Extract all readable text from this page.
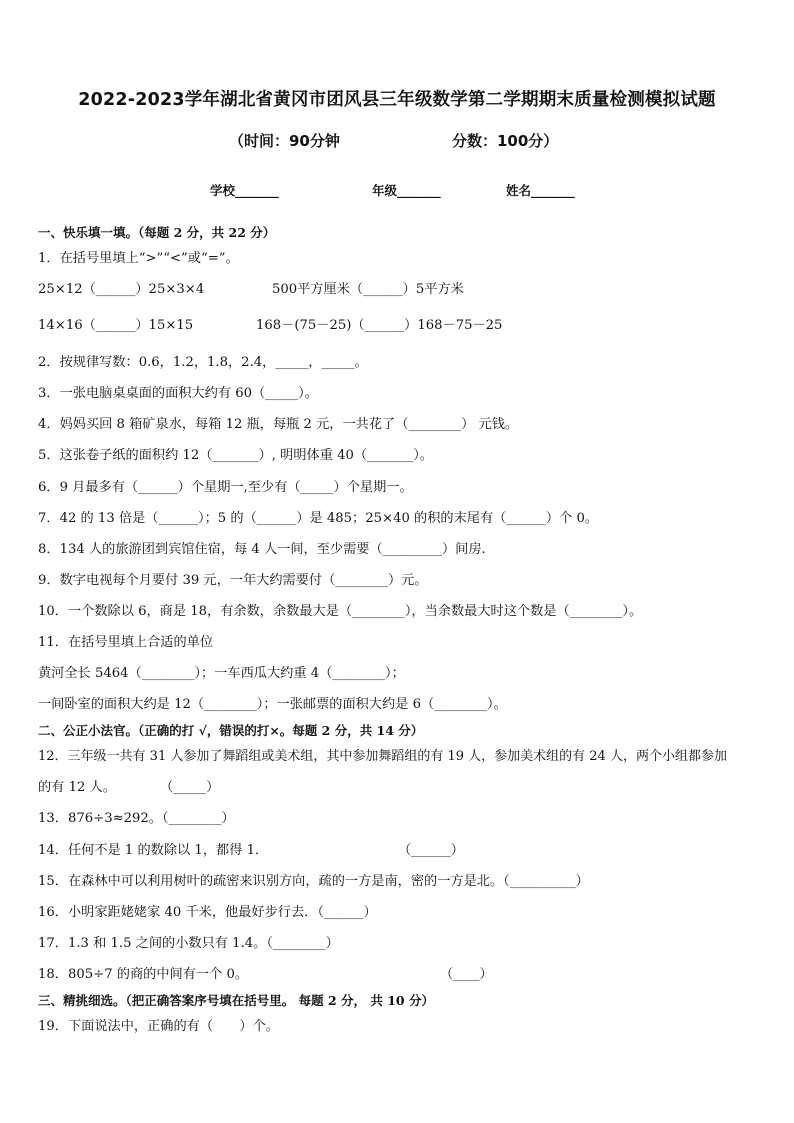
2022-2023学年湖北省黄冈市团风县三年级数学第二学期期末质量检测模拟试题
（时间：90分钟	分数：100分）
学校_______	年级_______	姓名_______
一、快乐填一填。（每题 2 分，共 22 分）
1．在括号里填上“>”“<”或“=”。
25×12（______）25×3×4	500平方厘米（______）5平方米
14×16（______）15×15	168－(75－25)（______）168－75－25
2．按规律写数：0.6，1.2，1.8，2.4，_____，_____。
3．一张电脑桌桌面的面积大约有 60（_____）。
4．妈妈买回 8 箱矿泉水，每箱 12 瓶，每瓶 2 元，一共花了（________） 元钱。
5．这张卷子纸的面积约 12（_______）, 明明体重 40（_______）。
6．9 月最多有（______）个星期一,至少有（_____）个星期一。
7．42 的 13 倍是（______）；5 的（______）是 485；25×40 的积的末尾有（______）个 0。
8．134 人的旅游团到宾馆住宿，每 4 人一间，至少需要（_________）间房.
9．数字电视每个月要付 39 元，一年大约需要付（________）元。
10．一个数除以 6，商是 18，有余数，余数最大是（________），当余数最大时这个数是（________）。
11．在括号里填上合适的单位
黄河全长 5464（________）；一车西瓜大约重 4（________）；
一间卧室的面积大约是 12（________）；一张邮票的面积大约是 6（________）。
二、公正小法官。（正确的打 √，错误的打×。每题 2 分，共 14 分）
12．三年级一共有 31 人参加了舞蹈组或美术组，其中参加舞蹈组的有 19 人，参加美术组的有 24 人，两个小组都参加
的有 12 人。	（_____）
13．876÷3≈292。（________）
14．任何不是 1 的数除以 1，都得 1．	（______）
15．在森林中可以利用树叶的疏密来识别方向，疏的一方是南，密的一方是北。（__________）
16．小明家距姥姥家 40 千米，他最好步行去．（______）
17．1.3 和 1.5 之间的小数只有 1.4。（________）
18．805÷7 的商的中间有一个 0。	（____）
三、精挑细选。（把正确答案序号填在括号里。 每题 2 分， 共 10 分）
19．下面说法中，正确的有（　　）个。
